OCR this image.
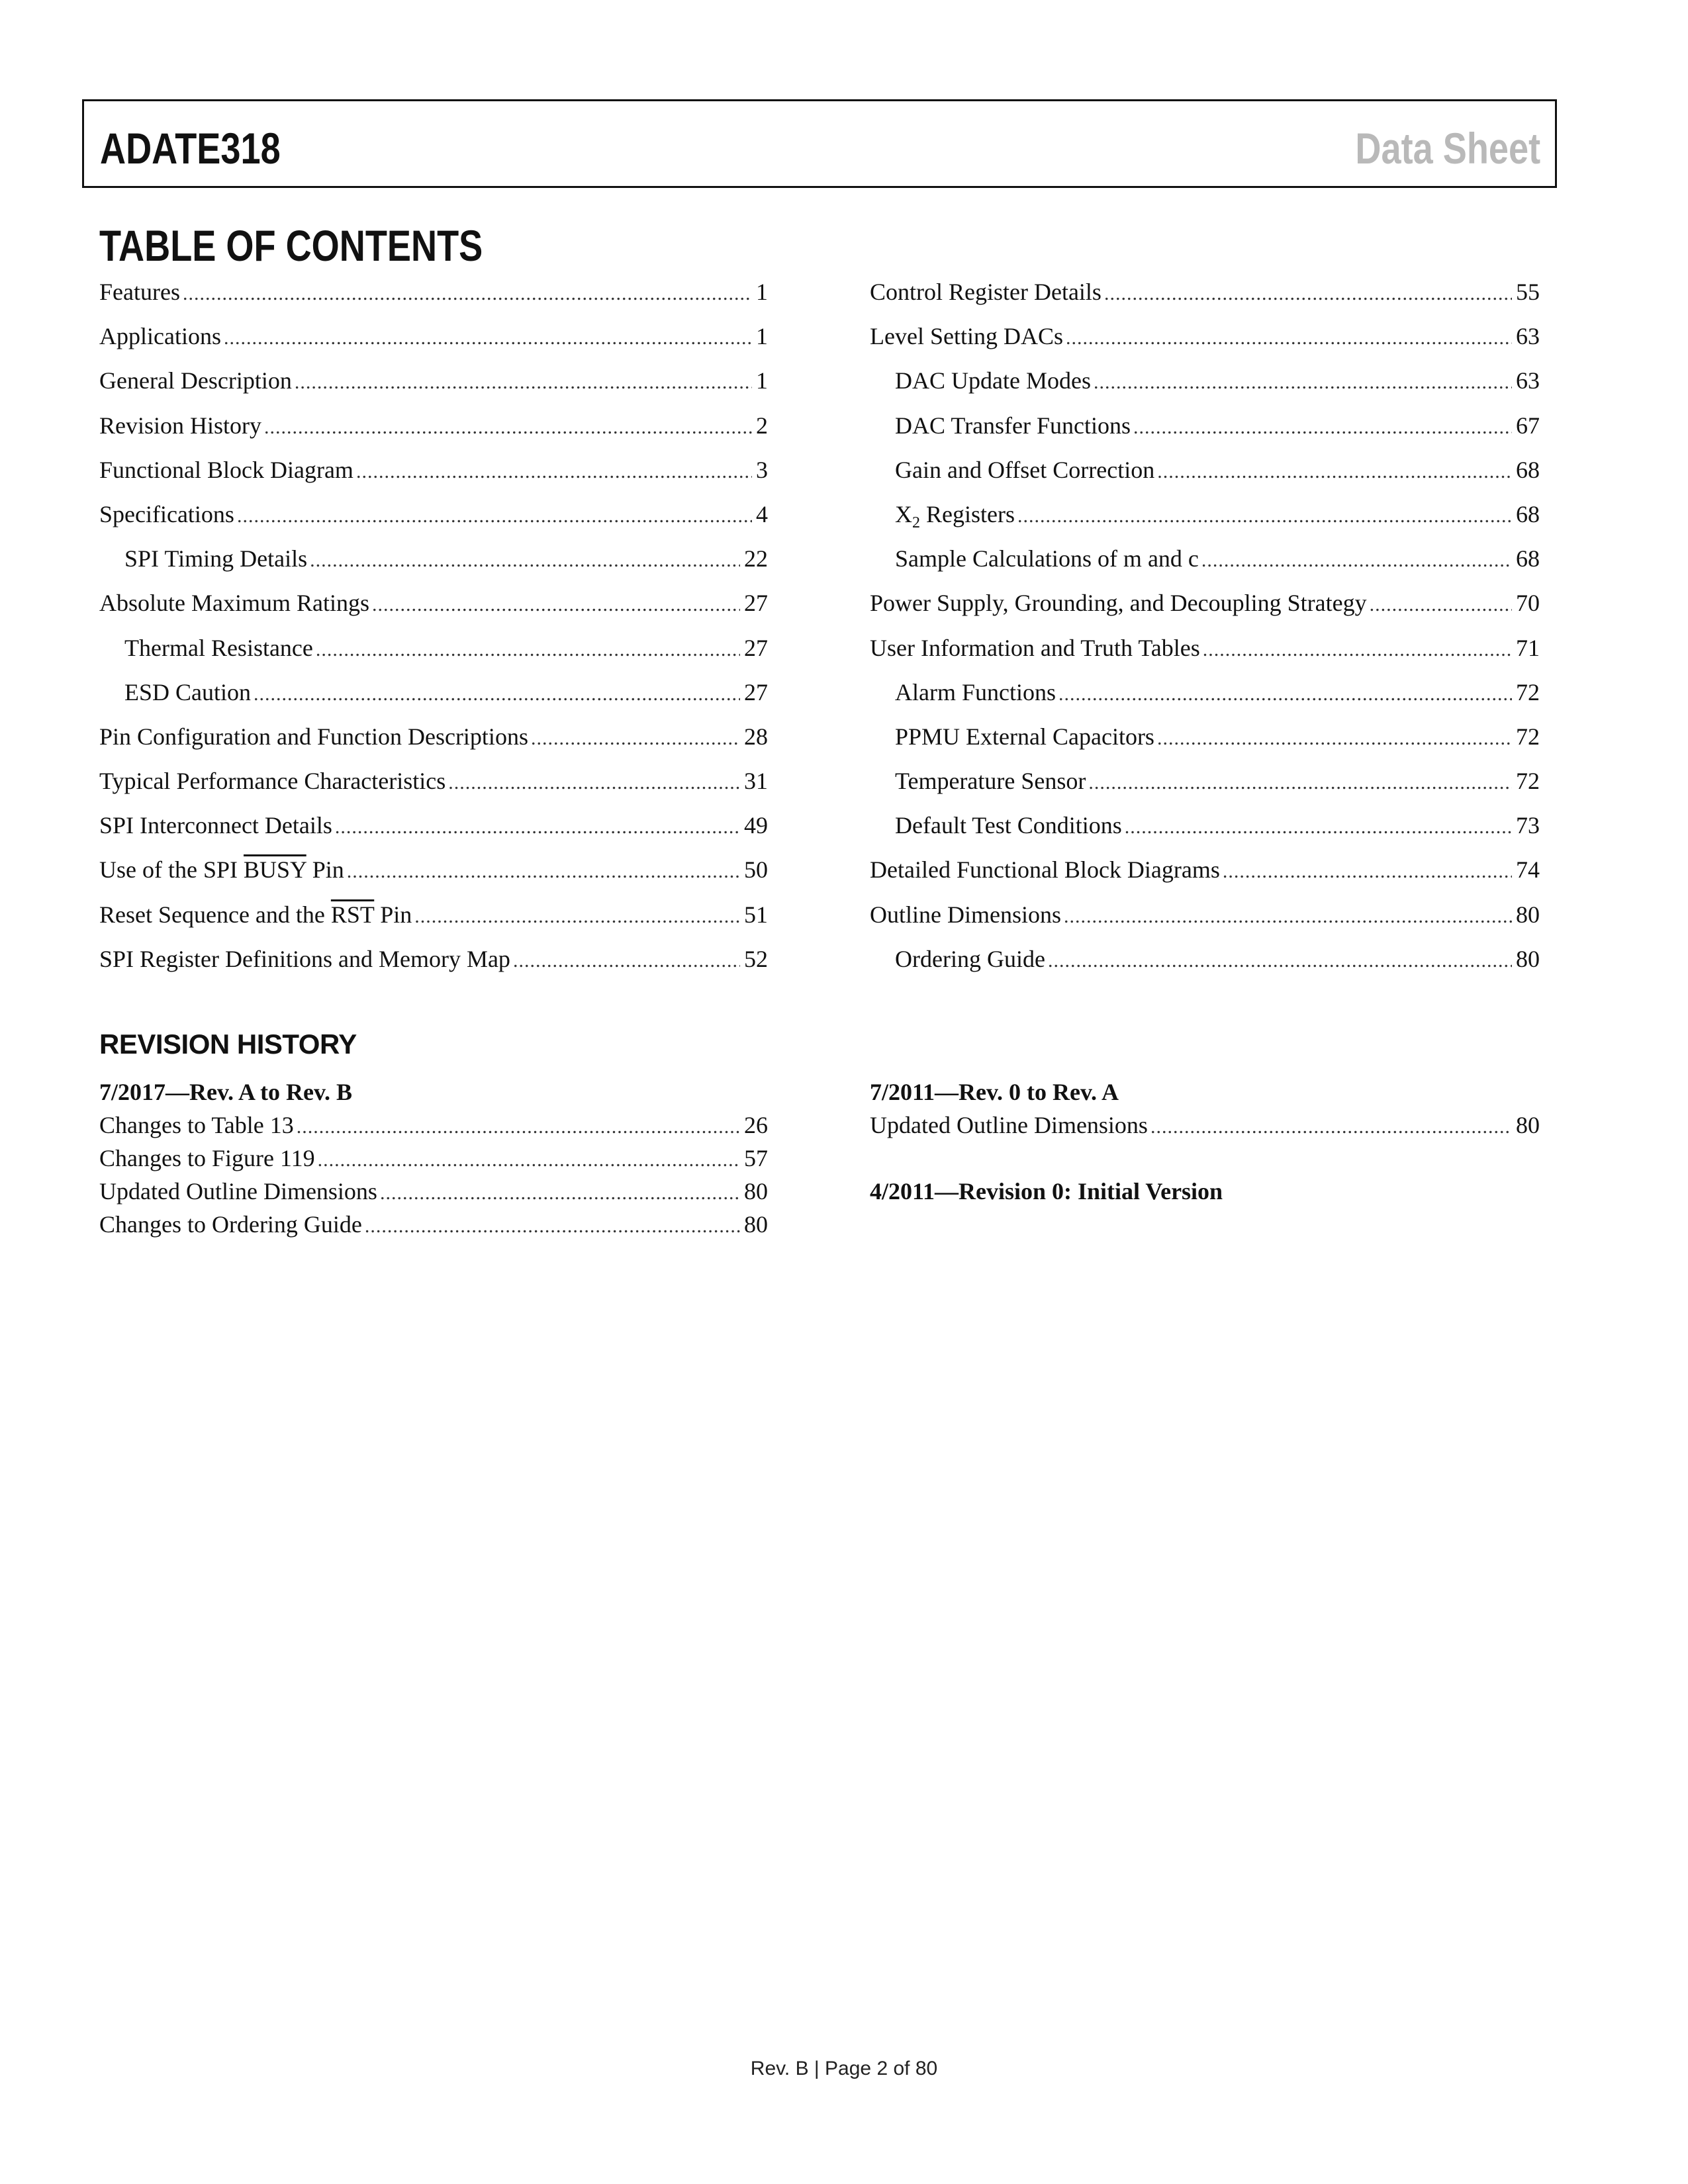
ADATE318	Data Sheet
TABLE OF CONTENTS
Features .....	1
Applications .....	1
General Description .....	1
Revision History .....	2
Functional Block Diagram .....	3
Specifications .....	4
SPI Timing Details .....	22
Absolute Maximum Ratings .....	27
Thermal Resistance .....	27
ESD Caution .....	27
Pin Configuration and Function Descriptions .....	28
Typical Performance Characteristics .....	31
SPI Interconnect Details .....	49
Use of the SPI BUSY Pin .....	50
Reset Sequence and the $\overline{RST}$ Pin .....	51
SPI Register Definitions and Memory Map .....	52
Control Register Details .....	55
Level Setting DACs .....	63
DAC Update Modes .....	63
DAC Transfer Functions .....	67
Gain and Offset Correction .....	68
$X_2$ Registers .....	68
Sample Calculations of m and c .....	68
Power Supply, Grounding, and Decoupling Strategy .....	70
User Information and Truth Tables .....	71
Alarm Functions .....	72
PPMU External Capacitors .....	72
Temperature Sensor .....	72
Default Test Conditions .....	73
Detailed Functional Block Diagrams .....	74
Outline Dimensions .....	80
Ordering Guide .....	80
REVISION HISTORY
7/2017—Rev. A to Rev. B
Changes to Table 13 .....	26
Changes to Figure 119 .....	57
Updated Outline Dimensions .....	80
Changes to Ordering Guide .....	80
7/2011—Rev. 0 to Rev. A
Updated Outline Dimensions .....	80
4/2011—Revision 0: Initial Version
Rev. B | Page 2 of 80
